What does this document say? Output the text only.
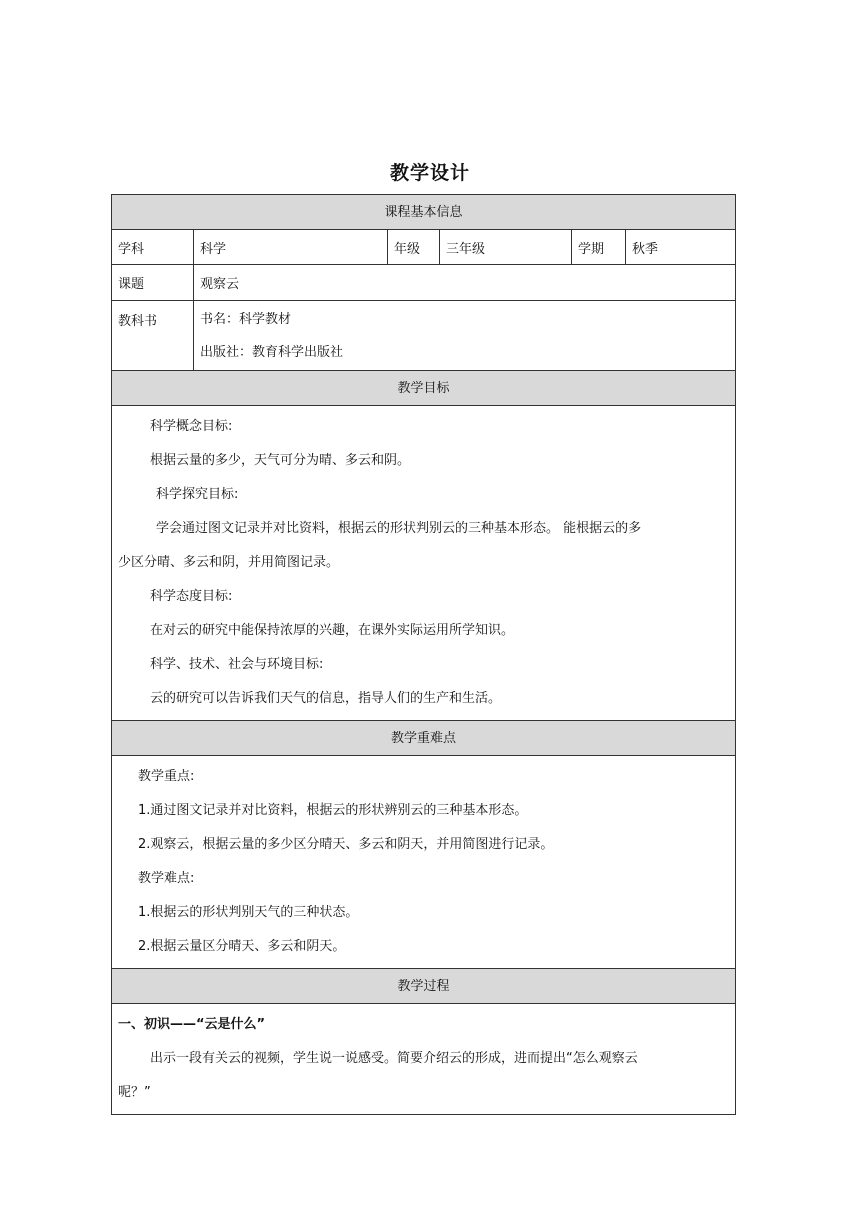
教学设计
课程基本信息
学科	科学	年级	三年级	学期	秋季
课题	观察云
教科书	书名：科学教材
出版社：教育科学出版社
教学目标
科学概念目标:
根据云量的多少，天气可分为晴、多云和阴。
科学探究目标:
学会通过图文记录并对比资料，根据云的形状判别云的三种基本形态。 能根据云的多
少区分晴、多云和阴，并用简图记录。
科学态度目标:
在对云的研究中能保持浓厚的兴趣，在课外实际运用所学知识。
科学、技术、社会与环境目标:
云的研究可以告诉我们天气的信息，指导人们的生产和生活。
教学重难点
教学重点:
1.通过图文记录并对比资料，根据云的形状辨别云的三种基本形态。
2.观察云，根据云量的多少区分晴天、多云和阴天，并用简图进行记录。
教学难点:
1.根据云的形状判别天气的三种状态。
2.根据云量区分晴天、多云和阴天。
教学过程
一、初识——“云是什么”
出示一段有关云的视频，学生说一说感受。简要介绍云的形成，进而提出“怎么观察云
呢？”
